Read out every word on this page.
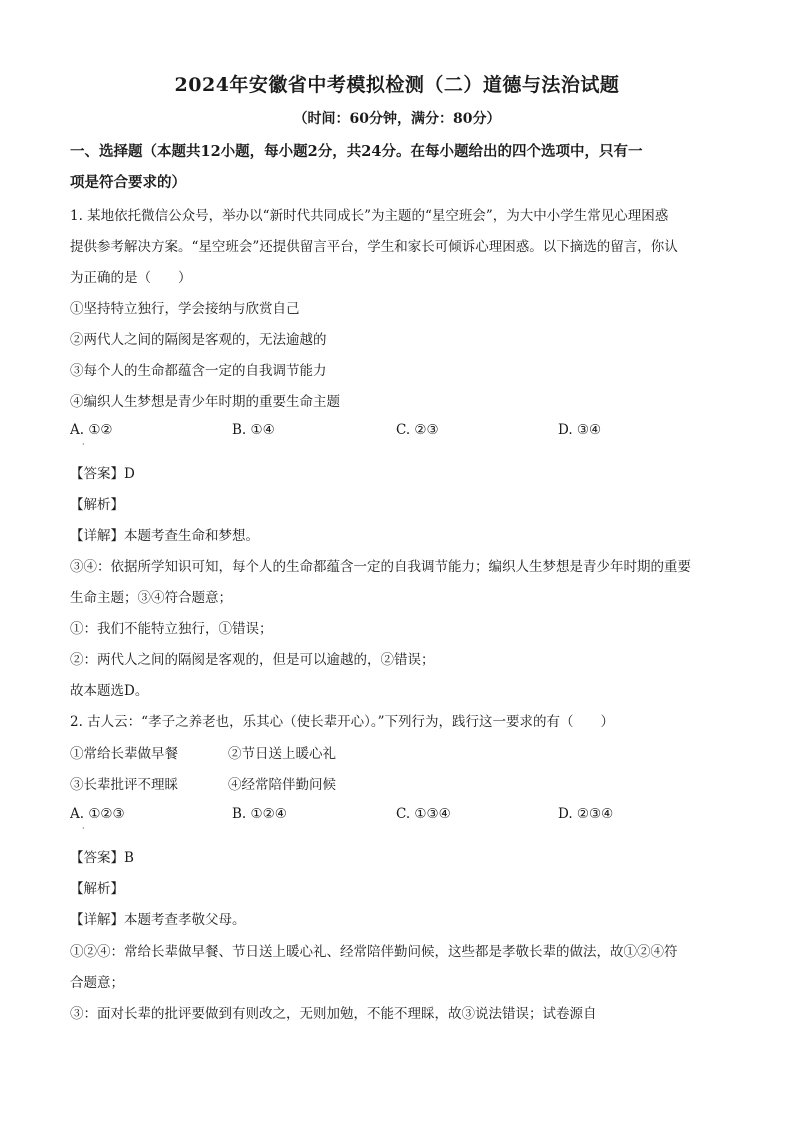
2024年安徽省中考模拟检测（二）道德与法治试题
（时间：60分钟，满分：80分）
一、选择题（本题共12小题，每小题2分，共24分。在每小题给出的四个选项中，只有一
项是符合要求的）
1. 某地依托微信公众号，举办以“新时代共同成长”为主题的“星空班会”，为大中小学生常见心理困惑
提供参考解决方案。“星空班会”还提供留言平台，学生和家长可倾诉心理困惑。以下摘选的留言，你认
为正确的是（　　）
①坚持特立独行，学会接纳与欣赏自己
②两代人之间的隔阂是客观的，无法逾越的
③每个人的生命都蕴含一定的自我调节能力
④编织人生梦想是青少年时期的重要生命主题
A. ①②
·
B. ①④	C. ②③	D. ③④
【答案】D
【解析】
【详解】本题考查生命和梦想。
③④：依据所学知识可知，每个人的生命都蕴含一定的自我调节能力；编织人生梦想是青少年时期的重要
生命主题；③④符合题意；
①：我们不能特立独行，①错误；
②：两代人之间的隔阂是客观的，但是可以逾越的，②错误；
故本题选D。
2. 古人云：“孝子之养老也，乐其心（使长辈开心）。”下列行为，践行这一要求的有（　　）
①常给长辈做早餐	②节日送上暖心礼
③长辈批评不理睬	④经常陪伴勤问候
A. ①②③
·
B. ①②④	C. ①③④	D. ②③④
【答案】B
【解析】
【详解】本题考查孝敬父母。
①②④：常给长辈做早餐、节日送上暖心礼、经常陪伴勤问候，这些都是孝敬长辈的做法，故①②④符
合题意；
③：面对长辈的批评要做到有则改之，无则加勉，不能不理睬，故③说法错误；试卷源自
